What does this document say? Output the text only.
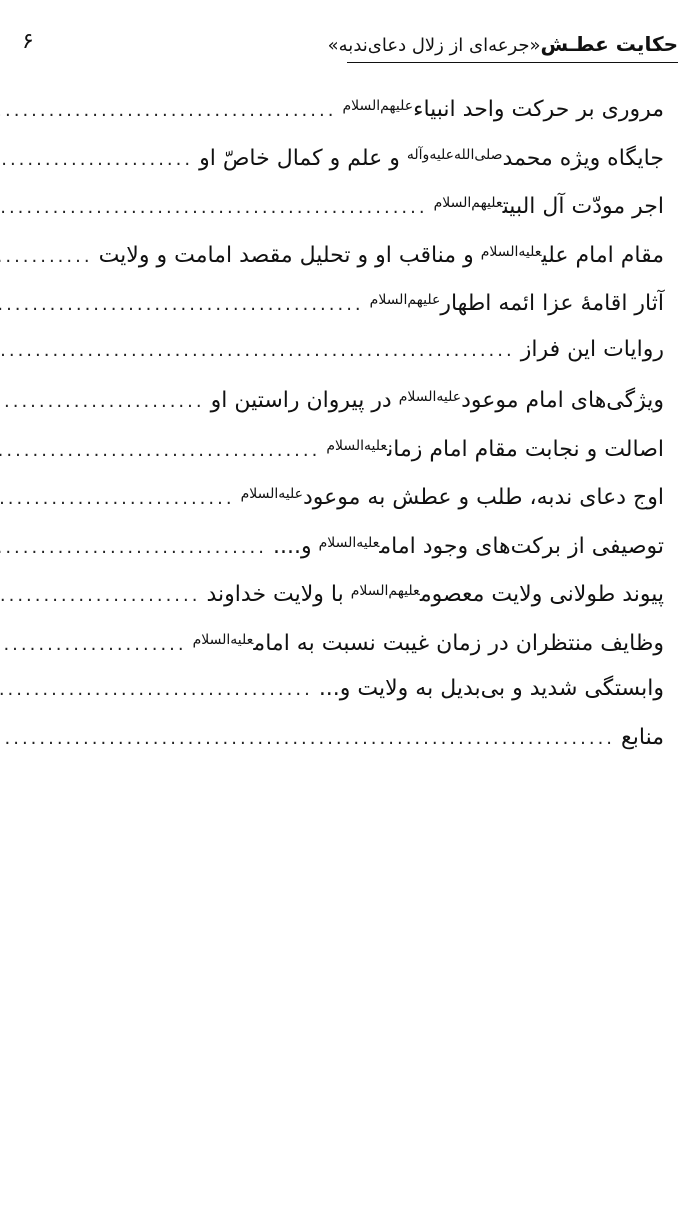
حکایت عطـش«جرعه‌ای از زلال دعای‌ندبه»
۶
مروری بر حرکت واحد انبیاء$^{علیهم‌السلام}$
.....
جایگاه ویژه محمد$^{صلی‌الله‌علیه‌وآله}$ و علم و کمال خاصّ او
.....
اجر مودّت آل البیت$^{علیهم‌السلام}$
.....
مقام امام علی$^{علیه‌السلام}$ و مناقب او و تحلیل مقصد امامت و ولایت
.....
آثار اقامهٔ عزا ائمه اطهار$^{علیهم‌السلام}$
.....
روایات این فراز
.....
ویژگی‌های امام موعود$^{علیه‌السلام}$ در پیروان راستین او
.....
اصالت و نجابت مقام امام زمان$^{علیه‌السلام}$
.....
اوج دعای ندبه، طلب و عطش به موعود$^{علیه‌السلام}$
.....
توصیفی از برکت‌های وجود امام$^{علیه‌السلام}$ و....
.....
پیوند طولانی ولایت معصوم$^{علیهم‌السلام}$ با ولایت خداوند
.....
وظایف منتظران در زمان غیبت نسبت به امام$^{علیه‌السلام}$
.....
وابستگی شدید و بی‌بدیل به ولایت و...
.....
منابع
.....
